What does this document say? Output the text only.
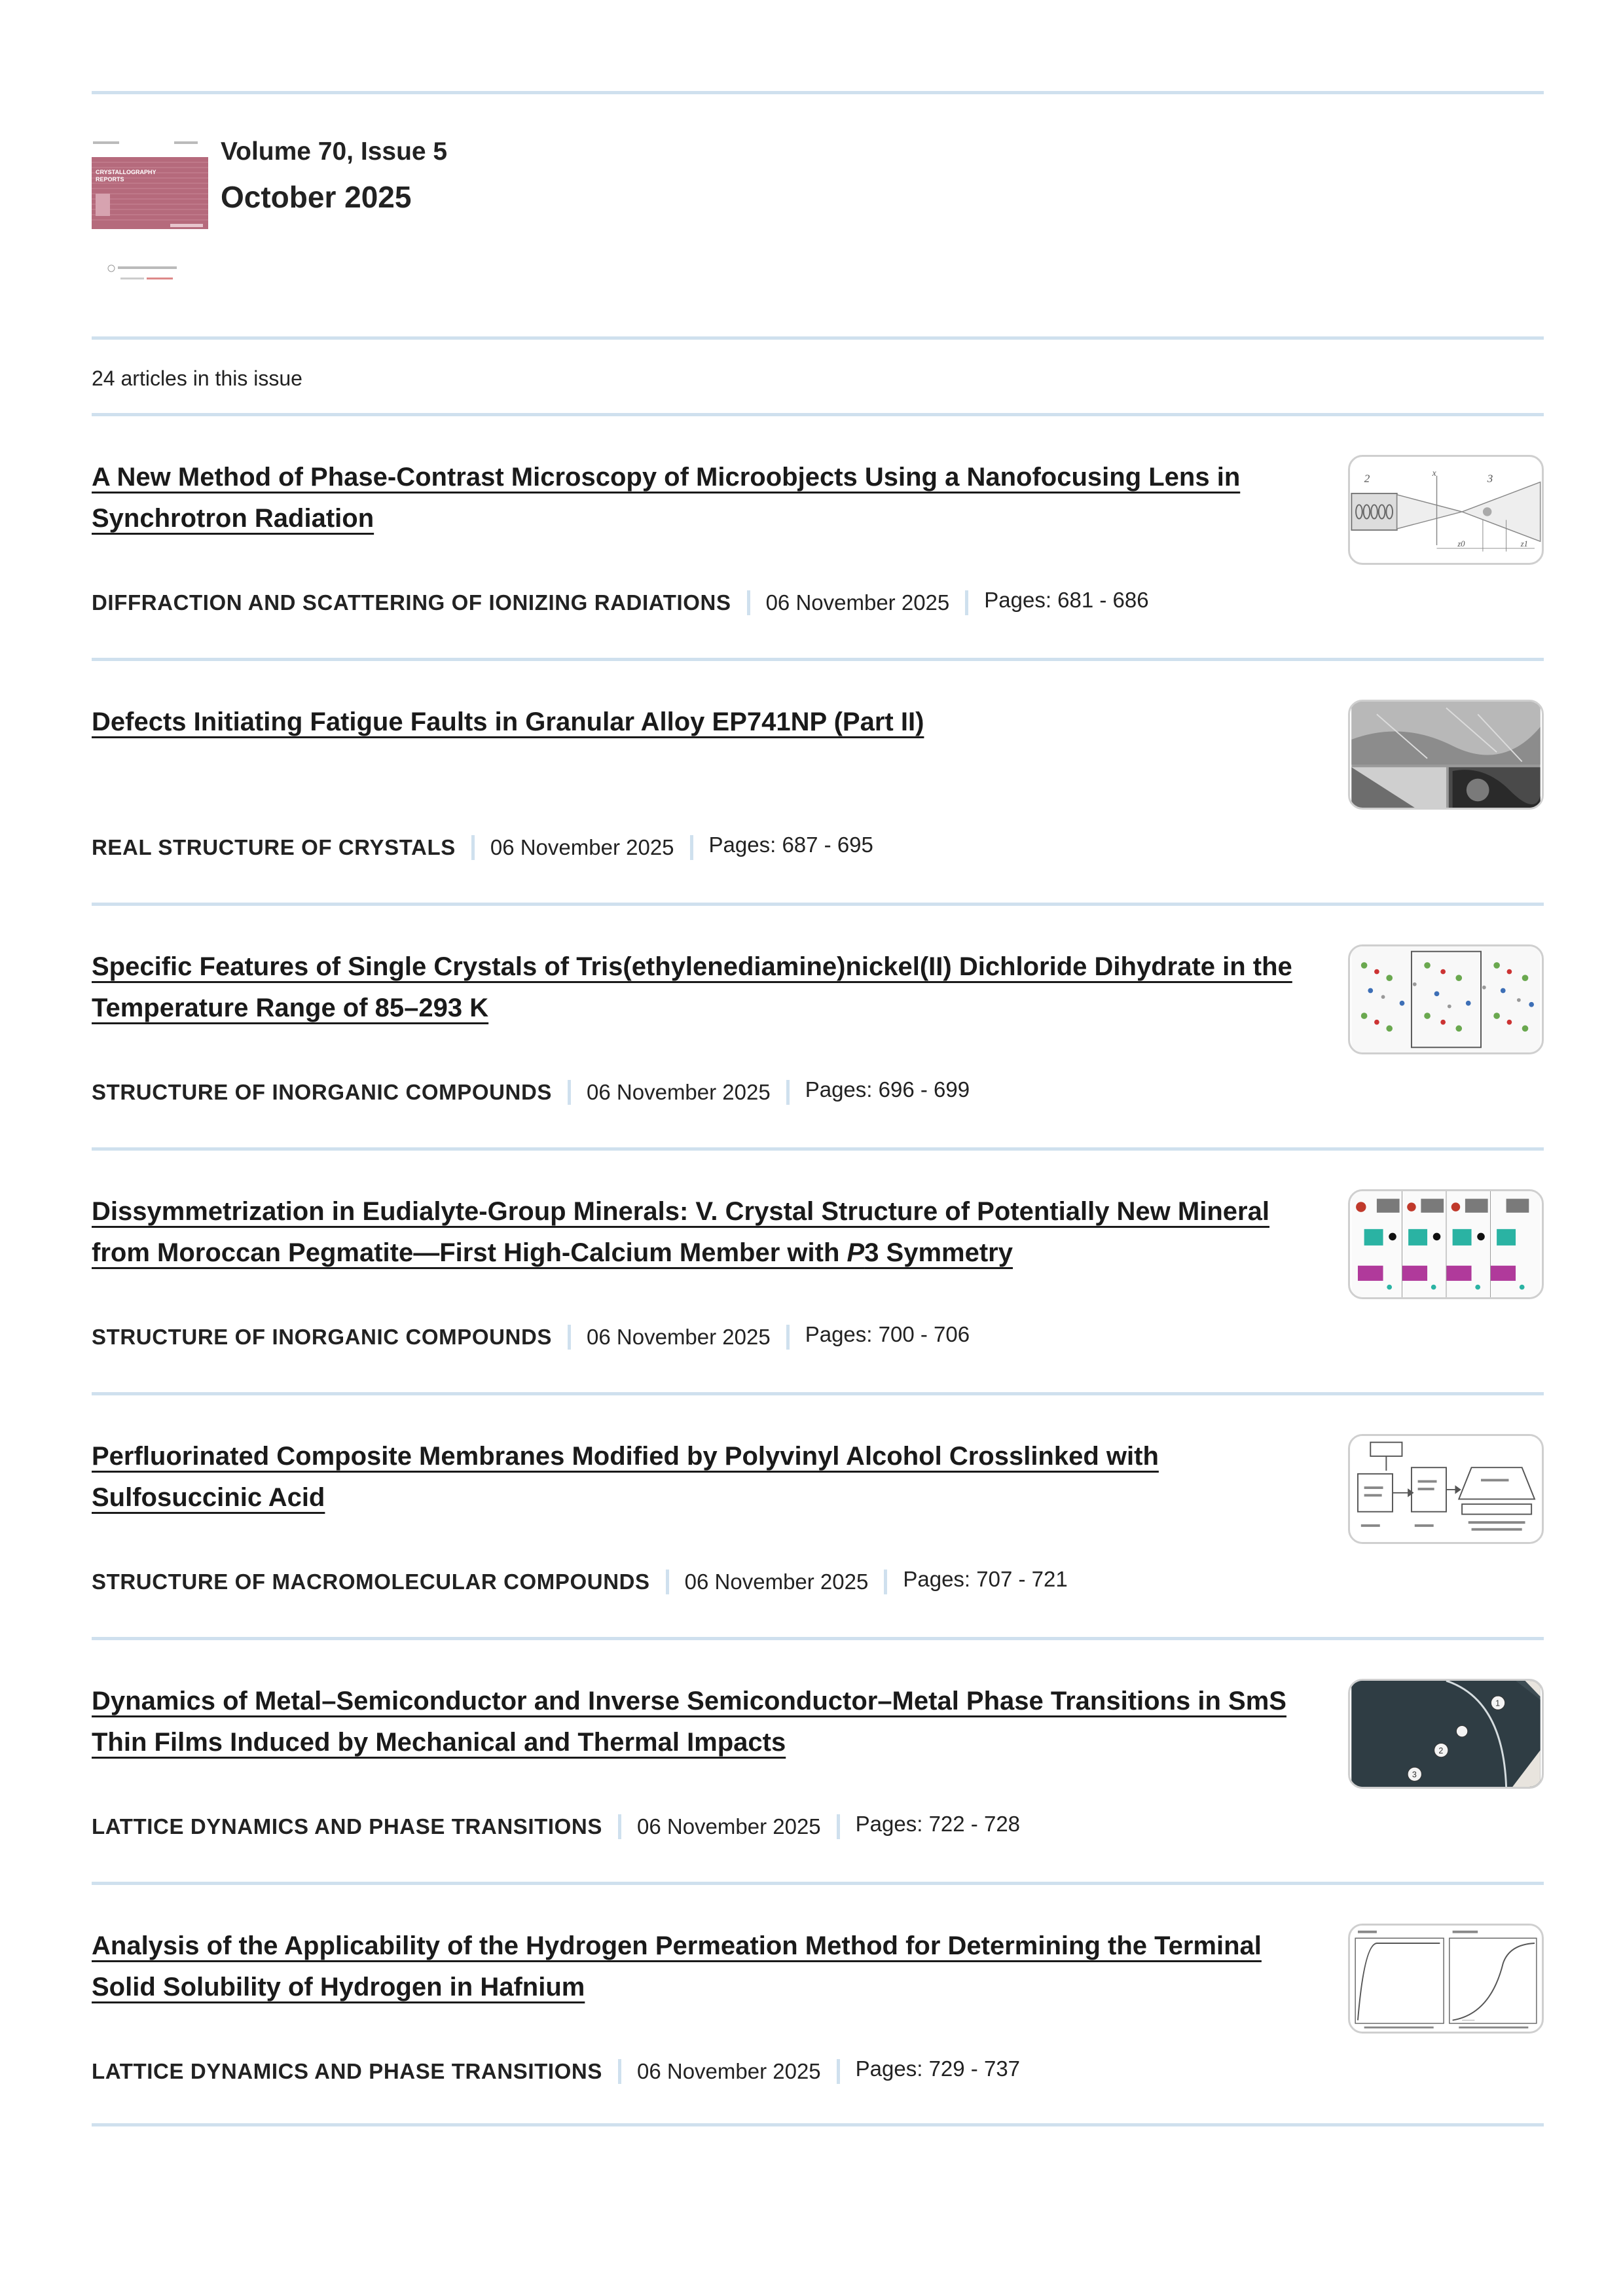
CRYSTALLOGRAPHY
REPORTS
Volume 70, Issue 5
October 2025
24 articles in this issue
A New Method of Phase-Contrast Microscopy of Microobjects Using a Nanofocusing Lens in Synchrotron Radiation
DIFFRACTION AND SCATTERING OF IONIZING RADIATIONS 06 November 2025 Pages: 681 - 686
2	x	3
z0	z1
Defects Initiating Fatigue Faults in Granular Alloy EP741NP (Part II)
REAL STRUCTURE OF CRYSTALS 06 November 2025 Pages: 687 - 695
Specific Features of Single Crystals of Tris(ethylenediamine)nickel(II) Dichloride Dihydrate in the Temperature Range of 85–293 K
STRUCTURE OF INORGANIC COMPOUNDS 06 November 2025 Pages: 696 - 699
Dissymmetrization in Eudialyte-Group Minerals: V. Crystal Structure of Potentially New Mineral from Moroccan Pegmatite—First High-Calcium Member with P3 Symmetry
STRUCTURE OF INORGANIC COMPOUNDS 06 November 2025 Pages: 700 - 706
Perfluorinated Composite Membranes Modified by Polyvinyl Alcohol Crosslinked with Sulfosuccinic Acid
STRUCTURE OF MACROMOLECULAR COMPOUNDS 06 November 2025 Pages: 707 - 721
Dynamics of Metal–Semiconductor and Inverse Semiconductor–Metal Phase Transitions in SmS Thin Films Induced by Mechanical and Thermal Impacts
LATTICE DYNAMICS AND PHASE TRANSITIONS 06 November 2025 Pages: 722 - 728
1
2
3
Analysis of the Applicability of the Hydrogen Permeation Method for Determining the Terminal Solid Solubility of Hydrogen in Hafnium
LATTICE DYNAMICS AND PHASE TRANSITIONS 06 November 2025 Pages: 729 - 737
